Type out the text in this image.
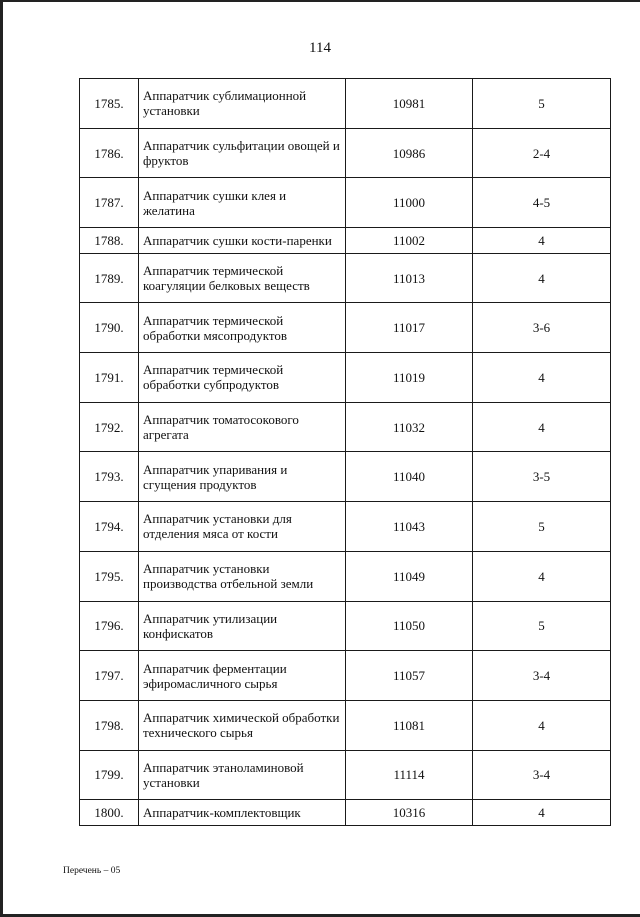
114
1785.	Аппаратчик сублимационной установки	10981	5
1786.	Аппаратчик сульфитации овощей и фруктов	10986	2-4
1787.	Аппаратчик сушки клея и желатина	11000	4-5
1788.	Аппаратчик сушки кости-паренки	11002	4
1789.	Аппаратчик термической коагуляции белковых веществ	11013	4
1790.	Аппаратчик термической обработки мясопродуктов	11017	3-6
1791.	Аппаратчик термической обработки субпродуктов	11019	4
1792.	Аппаратчик томатосокового агрегата	11032	4
1793.	Аппаратчик упаривания и сгущения продуктов	11040	3-5
1794.	Аппаратчик установки для отделения мяса от кости	11043	5
1795.	Аппаратчик установки производства отбельной земли	11049	4
1796.	Аппаратчик утилизации конфискатов	11050	5
1797.	Аппаратчик ферментации эфиромасличного сырья	11057	3-4
1798.	Аппаратчик химической обработки технического сырья	11081	4
1799.	Аппаратчик этаноламиновой установки	11114	3-4
1800.	Аппаратчик-комплектовщик	10316	4
Перечень – 05
